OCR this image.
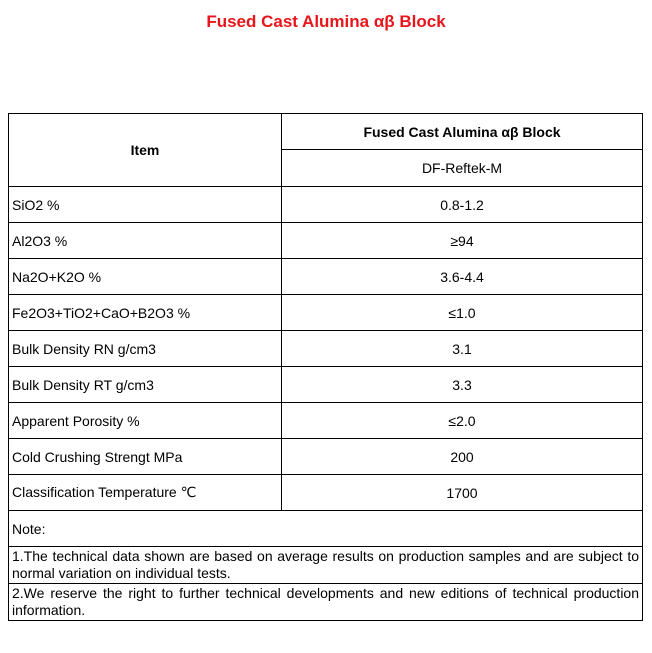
Fused Cast Alumina αβ Block
Item	Fused Cast Alumina αβ Block
	DF-Reftek-M
SiO2 %	0.8-1.2
Al2O3 %	≥94
Na2O+K2O %	3.6-4.4
Fe2O3+TiO2+CaO+B2O3 %	≤1.0
Bulk Density RN g/cm3	3.1
Bulk Density RT g/cm3	3.3
Apparent Porosity %	≤2.0
Cold Crushing Strengt MPa	200
Classification Temperature ℃	1700
Note:	
1.The technical data shown are based on average results on production samples and are subject to normal variation on individual tests.	
2.We reserve the right to further technical developments and new editions of technical production information.	
